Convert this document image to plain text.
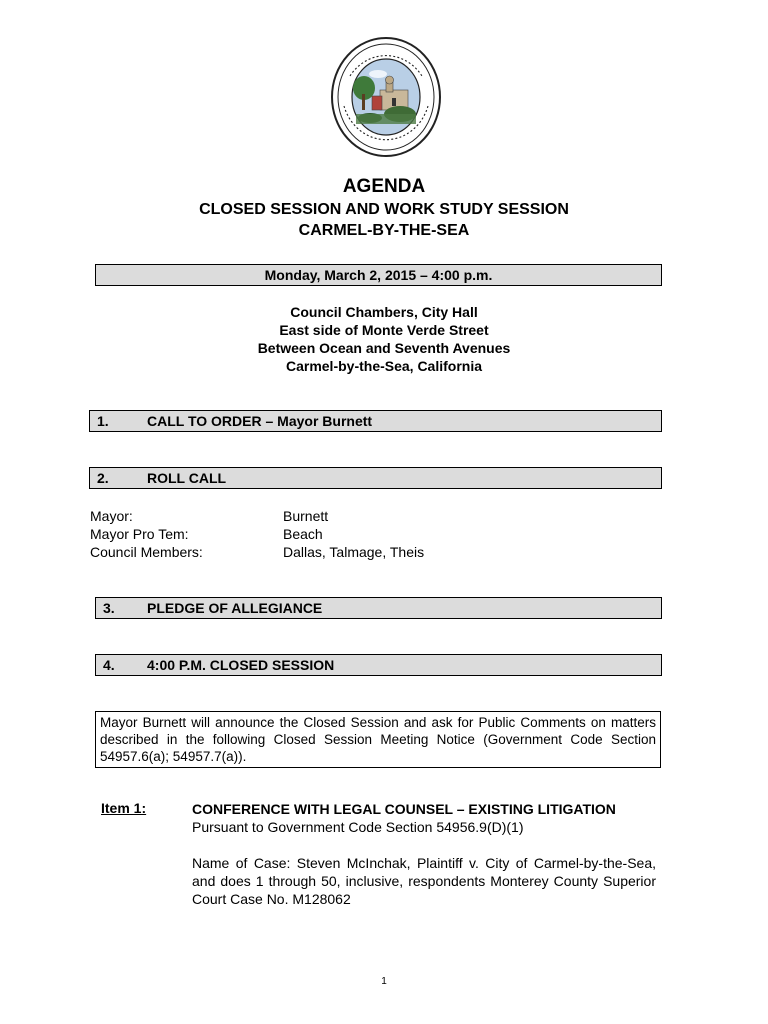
AGENDA
CLOSED SESSION AND WORK STUDY SESSION
CARMEL-BY-THE-SEA
Monday, March 2, 2015 – 4:00 p.m.
Council Chambers, City Hall
East side of Monte Verde Street
Between Ocean and Seventh Avenues
Carmel-by-the-Sea, California
1.	CALL TO ORDER – Mayor Burnett
2.	ROLL CALL
Mayor:	Burnett
Mayor Pro Tem:	Beach
Council Members:	Dallas, Talmage, Theis
3. PLEDGE OF ALLEGIANCE
4. 4:00 P.M. CLOSED SESSION
Mayor Burnett will announce the Closed Session and ask for Public Comments on matters described in the following Closed Session Meeting Notice (Government Code Section 54957.6(a); 54957.7(a)).
Item 1:	CONFERENCE WITH LEGAL COUNSEL – EXISTING LITIGATION
Pursuant to Government Code Section 54956.9(D)(1)
Name of Case: Steven McInchak, Plaintiff v. City of Carmel-by-the-Sea, and does 1 through 50, inclusive, respondents Monterey County Superior Court Case No. M128062
1
